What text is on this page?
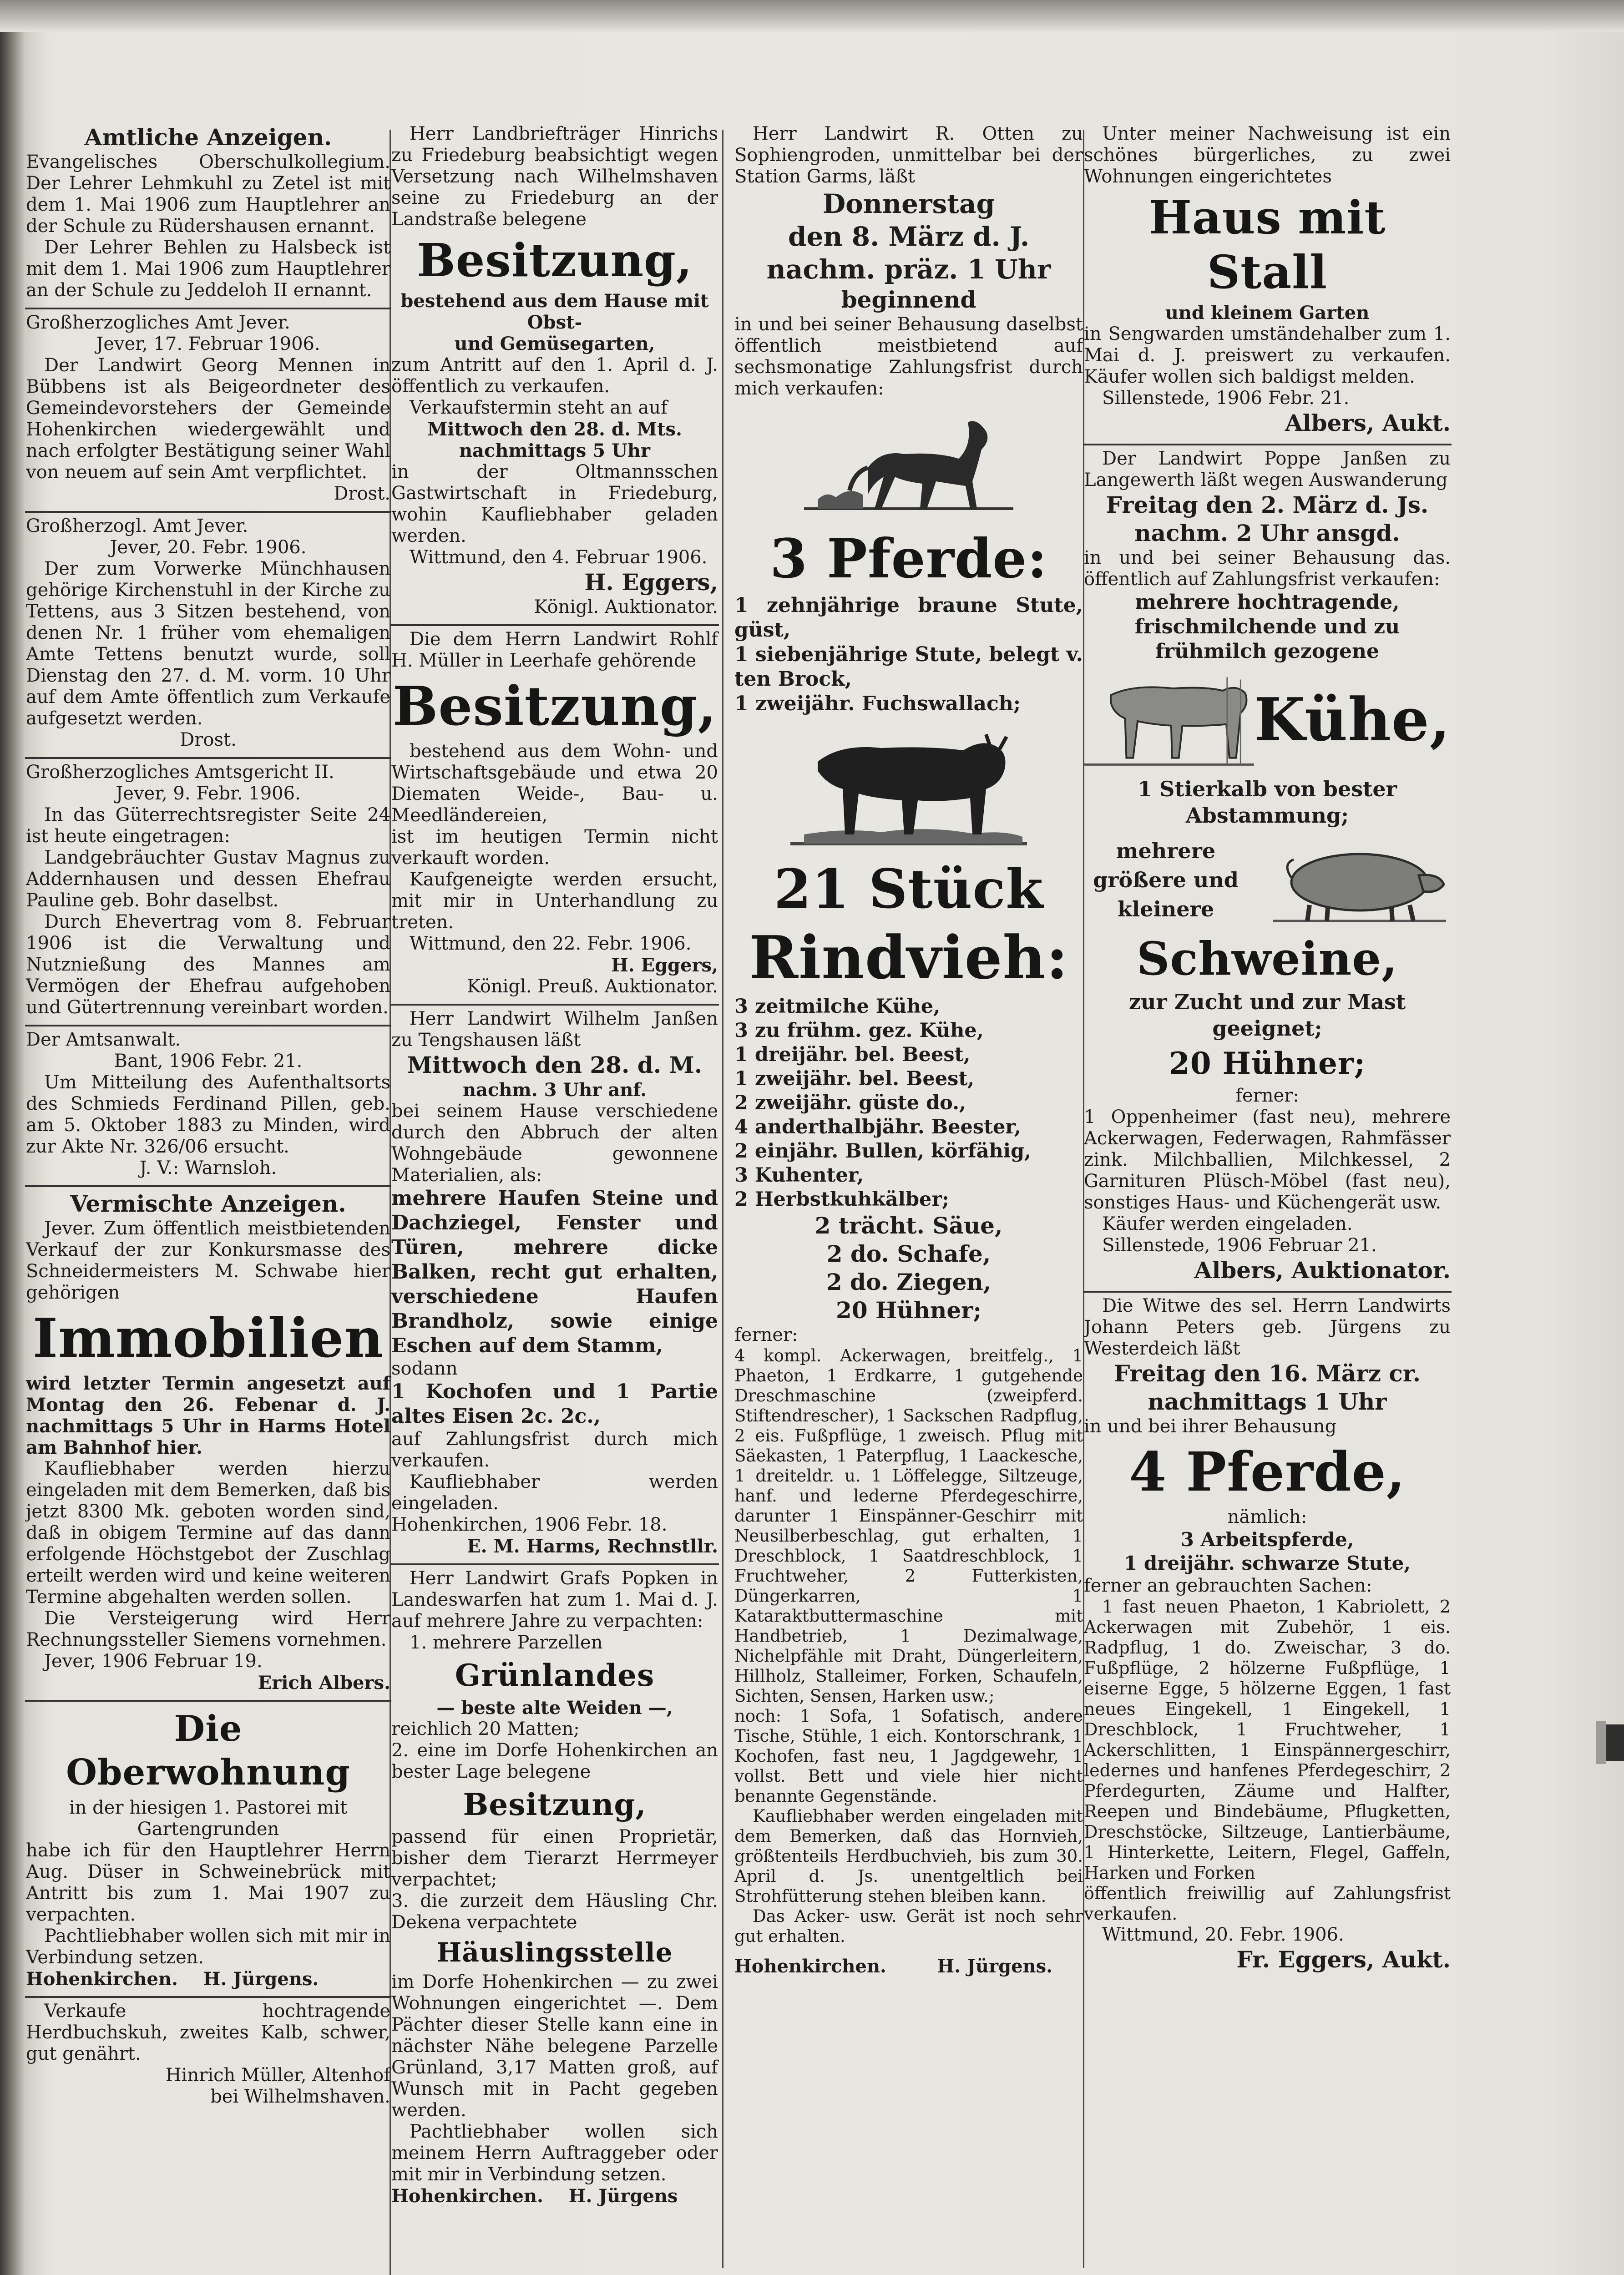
Amtliche Anzeigen.

Evangelisches Oberschulkollegium. Der Lehrer Lehmkuhl zu Zetel ist mit dem 1. Mai 1906 zum Hauptlehrer an der Schule zu Rüdershausen ernannt.

Der Lehrer Behlen zu Halsbeck ist mit dem 1. Mai 1906 zum Hauptlehrer an der Schule zu Jeddeloh II ernannt.

Großherzogliches Amt Jever.

Jever, 17. Februar 1906.

Der Landwirt Georg Mennen in Bübbens ist als Beigeordneter des Gemeindevorstehers der Gemeinde Hohenkirchen wiedergewählt und nach erfolgter Bestätigung seiner Wahl von neuem auf sein Amt verpflichtet.

Drost.

Großherzogl. Amt Jever.

Jever, 20. Febr. 1906.

Der zum Vorwerke Münchhausen gehörige Kirchenstuhl in der Kirche zu Tettens, aus 3 Sitzen bestehend, von denen Nr. 1 früher vom ehemaligen Amte Tettens benutzt wurde, soll Dienstag den 27. d. M. vorm. 10 Uhr auf dem Amte öffentlich zum Verkaufe aufgesetzt werden.

Drost.

Großherzogliches Amtsgericht II.

Jever, 9. Febr. 1906.

In das Güterrechtsregister Seite 24 ist heute eingetragen:

Landgebräuchter Gustav Magnus zu Addernhausen und dessen Ehefrau Pauline geb. Bohr daselbst.

Durch Ehevertrag vom 8. Februar 1906 ist die Verwaltung und Nutznießung des Mannes am Vermögen der Ehefrau aufgehoben und Gütertrennung vereinbart worden.

Der Amtsanwalt.

Bant, 1906 Febr. 21.

Um Mitteilung des Aufenthaltsorts des Schmieds Ferdinand Pillen, geb. am 5. Oktober 1883 zu Minden, wird zur Akte Nr. 326/06 ersucht.

J. V.: Warnsloh.

Vermischte Anzeigen.

Jever. Zum öffentlich meistbietenden Verkauf der zur Konkursmasse des Schneidermeisters M. Schwabe hier gehörigen

Immobilien

wird letzter Termin angesetzt auf Montag den 26. Febenar d. J. nachmittags 5 Uhr in Harms Hotel am Bahnhof hier.

Kaufliebhaber werden hierzu eingeladen mit dem Bemerken, daß bis jetzt 8300 Mk. geboten worden sind, daß in obigem Termine auf das dann erfolgende Höchstgebot der Zuschlag erteilt werden wird und keine weiteren Termine abgehalten werden sollen.

Die Versteigerung wird Herr Rechnungssteller Siemens vornehmen.

Jever, 1906 Februar 19.

Erich Albers.

Die Oberwohnung

in der hiesigen 1. Pastorei mit Gartengrunden

habe ich für den Hauptlehrer Herrn Aug. Düser in Schweinebrück mit Antritt bis zum 1. Mai 1907 zu verpachten.

Pachtliebhaber wollen sich mit mir in Verbindung setzen.

Hohenkirchen. H. Jürgens.

Verkaufe hochtragende Herdbuchskuh, zweites Kalb, schwer, gut genährt.

Hinrich Müller, Altenhof

bei Wilhelmshaven.

Herr Landbriefträger Hinrichs zu Friedeburg beabsichtigt wegen Versetzung nach Wilhelmshaven seine zu Friedeburg an der Landstraße belegene

Besitzung,

bestehend aus dem Hause mit Obst-

und Gemüsegarten,

zum Antritt auf den 1. April d. J. öffentlich zu verkaufen.

Verkaufstermin steht an auf

Mittwoch den 28. d. Mts.

nachmittags 5 Uhr

in der Oltmannsschen Gastwirtschaft in Friedeburg, wohin Kaufliebhaber geladen werden.

Wittmund, den 4. Februar 1906.

H. Eggers,

Königl. Auktionator.

Die dem Herrn Landwirt Rohlf H. Müller in Leerhafe gehörende

Besitzung,

bestehend aus dem Wohn- und Wirtschaftsgebäude und etwa 20 Diematen Weide-, Bau- u. Meedländereien,

ist im heutigen Termin nicht verkauft worden.

Kaufgeneigte werden ersucht, mit mir in Unterhandlung zu treten.

Wittmund, den 22. Febr. 1906.

H. Eggers,

Königl. Preuß. Auktionator.

Herr Landwirt Wilhelm Janßen zu Tengshausen läßt

Mittwoch den 28. d. M.

nachm. 3 Uhr anf.

bei seinem Hause verschiedene durch den Abbruch der alten Wohngebäude gewonnene Materialien, als:

mehrere Haufen Steine und Dachziegel, Fenster und Türen, mehrere dicke Balken, recht gut erhalten, verschiedene Haufen Brandholz, sowie einige Eschen auf dem Stamm,

sodann

1 Kochofen und 1 Partie altes Eisen 2c. 2c.,

auf Zahlungsfrist durch mich verkaufen.

Kaufliebhaber werden eingeladen.

Hohenkirchen, 1906 Febr. 18.

E. M. Harms, Rechnstllr.

Herr Landwirt Grafs Popken in Landeswarfen hat zum 1. Mai d. J. auf mehrere Jahre zu verpachten:

1. mehrere Parzellen

Grünlandes

— beste alte Weiden —,

reichlich 20 Matten;

2. eine im Dorfe Hohenkirchen an bester Lage belegene

Besitzung,

passend für einen Proprietär, bisher dem Tierarzt Herrmeyer verpachtet;

3. die zurzeit dem Häusling Chr. Dekena verpachtete

Häuslingsstelle

im Dorfe Hohenkirchen — zu zwei Wohnungen eingerichtet —. Dem Pächter dieser Stelle kann eine in nächster Nähe belegene Parzelle Grünland, 3,17 Matten groß, auf Wunsch mit in Pacht gegeben werden.

Pachtliebhaber wollen sich meinem Herrn Auftraggeber oder mit mir in Verbindung setzen.

Hohenkirchen. H. Jürgens

Herr Landwirt R. Otten zu Sophiengroden, unmittelbar bei der Station Garms, läßt

Donnerstag

den 8. März d. J.

nachm. präz. 1 Uhr

beginnend

in und bei seiner Behausung daselbst öffentlich meistbietend auf sechsmonatige Zahlungsfrist durch mich verkaufen:

3 Pferde:

1 zehnjährige braune Stute, güst,

1 siebenjährige Stute, belegt v. ten Brock,

1 zweijähr. Fuchswallach;

21 Stück

Rindvieh:

3 zeitmilche Kühe,

3 zu frühm. gez. Kühe,

1 dreijähr. bel. Beest,

1 zweijähr. bel. Beest,

2 zweijähr. güste do.,

4 anderthalbjähr. Beester,

2 einjähr. Bullen, körfähig,

3 Kuhenter,

2 Herbstkuhkälber;

2 trächt. Säue,

2 do. Schafe,

2 do. Ziegen,

20 Hühner;

ferner:

4 kompl. Ackerwagen, breitfelg., 1 Phaeton, 1 Erdkarre, 1 gutgehende Dreschmaschine (zweipferd. Stiftendrescher), 1 Sackschen Radpflug, 2 eis. Fußpflüge, 1 zweisch. Pflug mit Säekasten, 1 Paterpflug, 1 Laackesche, 1 dreiteldr. u. 1 Löffelegge, Siltzeuge, hanf. und lederne Pferdegeschirre, darunter 1 Einspänner-Geschirr mit Neusilberbeschlag, gut erhalten, 1 Dreschblock, 1 Saatdreschblock, 1 Fruchtweher, 2 Futterkisten, Düngerkarren, 1 Kataraktbuttermaschine mit Handbetrieb, 1 Dezimalwage, Nichelpfähle mit Draht, Düngerleitern, Hillholz, Stalleimer, Forken, Schaufeln, Sichten, Sensen, Harken usw.;

noch: 1 Sofa, 1 Sofatisch, andere Tische, Stühle, 1 eich. Kontorschrank, 1 Kochofen, fast neu, 1 Jagdgewehr, 1 vollst. Bett und viele hier nicht benannte Gegenstände.

Kaufliebhaber werden eingeladen mit dem Bemerken, daß das Hornvieh, größtenteils Herdbuchvieh, bis zum 30. April d. Js. unentgeltlich bei Strohfütterung stehen bleiben kann.

Das Acker- usw. Gerät ist noch sehr gut erhalten.

Hohenkirchen.	H. Jürgens.

Unter meiner Nachweisung ist ein schönes bürgerliches, zu zwei Wohnungen eingerichtetes

Haus mit Stall

und kleinem Garten

in Sengwarden umständehalber zum 1. Mai d. J. preiswert zu verkaufen. Käufer wollen sich baldigst melden.

Sillenstede, 1906 Febr. 21.

Albers, Aukt.

Der Landwirt Poppe Janßen zu Langewerth läßt wegen Auswanderung

Freitag den 2. März d. Js.

nachm. 2 Uhr ansgd.

in und bei seiner Behausung das. öffentlich auf Zahlungsfrist verkaufen:

mehrere hochtragende, frischmilchende und zu frühmilch gezogene

Kühe,

1 Stierkalb von bester Abstammung;

mehrere

größere und

kleinere

Schweine,

zur Zucht und zur Mast geeignet;

20 Hühner;

ferner:

1 Oppenheimer (fast neu), mehrere Ackerwagen, Federwagen, Rahmfässer zink. Milchballien, Milchkessel, 2 Garnituren Plüsch-Möbel (fast neu), sonstiges Haus- und Küchengerät usw.

Käufer werden eingeladen.

Sillenstede, 1906 Februar 21.

Albers, Auktionator.

Die Witwe des sel. Herrn Landwirts Johann Peters geb. Jürgens zu Westerdeich läßt

Freitag den 16. März cr.

nachmittags 1 Uhr

in und bei ihrer Behausung

4 Pferde,

nämlich:

3 Arbeitspferde,

1 dreijähr. schwarze Stute,

ferner an gebrauchten Sachen:

1 fast neuen Phaeton, 1 Kabriolett, 2 Ackerwagen mit Zubehör, 1 eis. Radpflug, 1 do. Zweischar, 3 do. Fußpflüge, 2 hölzerne Fußpflüge, 1 eiserne Egge, 5 hölzerne Eggen, 1 fast neues Eingekell, 1 Eingekell, 1 Dreschblock, 1 Fruchtweher, 1 Ackerschlitten, 1 Einspännergeschirr, ledernes und hanfenes Pferdegeschirr, 2 Pferdegurten, Zäume und Halfter, Reepen und Bindebäume, Pflugketten, Dreschstöcke, Siltzeuge, Lantierbäume, 1 Hinterkette, Leitern, Flegel, Gaffeln, Harken und Forken

öffentlich freiwillig auf Zahlungsfrist verkaufen.

Wittmund, 20. Febr. 1906.

Fr. Eggers, Aukt.
